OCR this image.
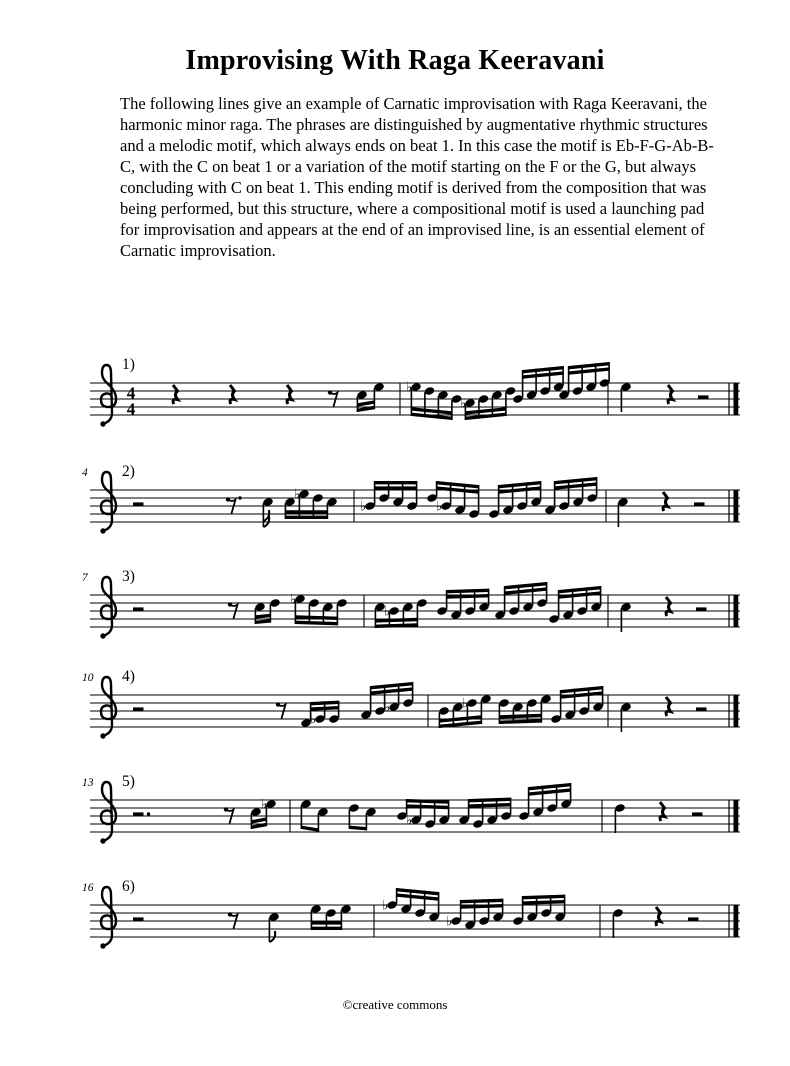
Improvising With Raga Keeravani

The following lines give an example of Carnatic improvisation with Raga Keeravani, the harmonic minor raga. The phrases are distinguished by augmentative rhythmic structures and a melodic motif, which always ends on beat 1. In this case the motif is Eb-F-G-Ab-B-C, with the C on beat 1 or a variation of the motif starting on the F or the G, but always concluding with C on beat 1. This ending motif is derived from the composition that was being performed, but this structure, where a compositional motif is used a launching pad for improvisation and appears at the end of an improvised line, is an essential element of Carnatic improvisation.

1)
4
4
♭
♭
4 2)
♭
♭	♭
7 3)
♭
♭
10 4)
♭
♭	♭
13 5)
♭
♭
16 6)
♭
♭
©creative commons
